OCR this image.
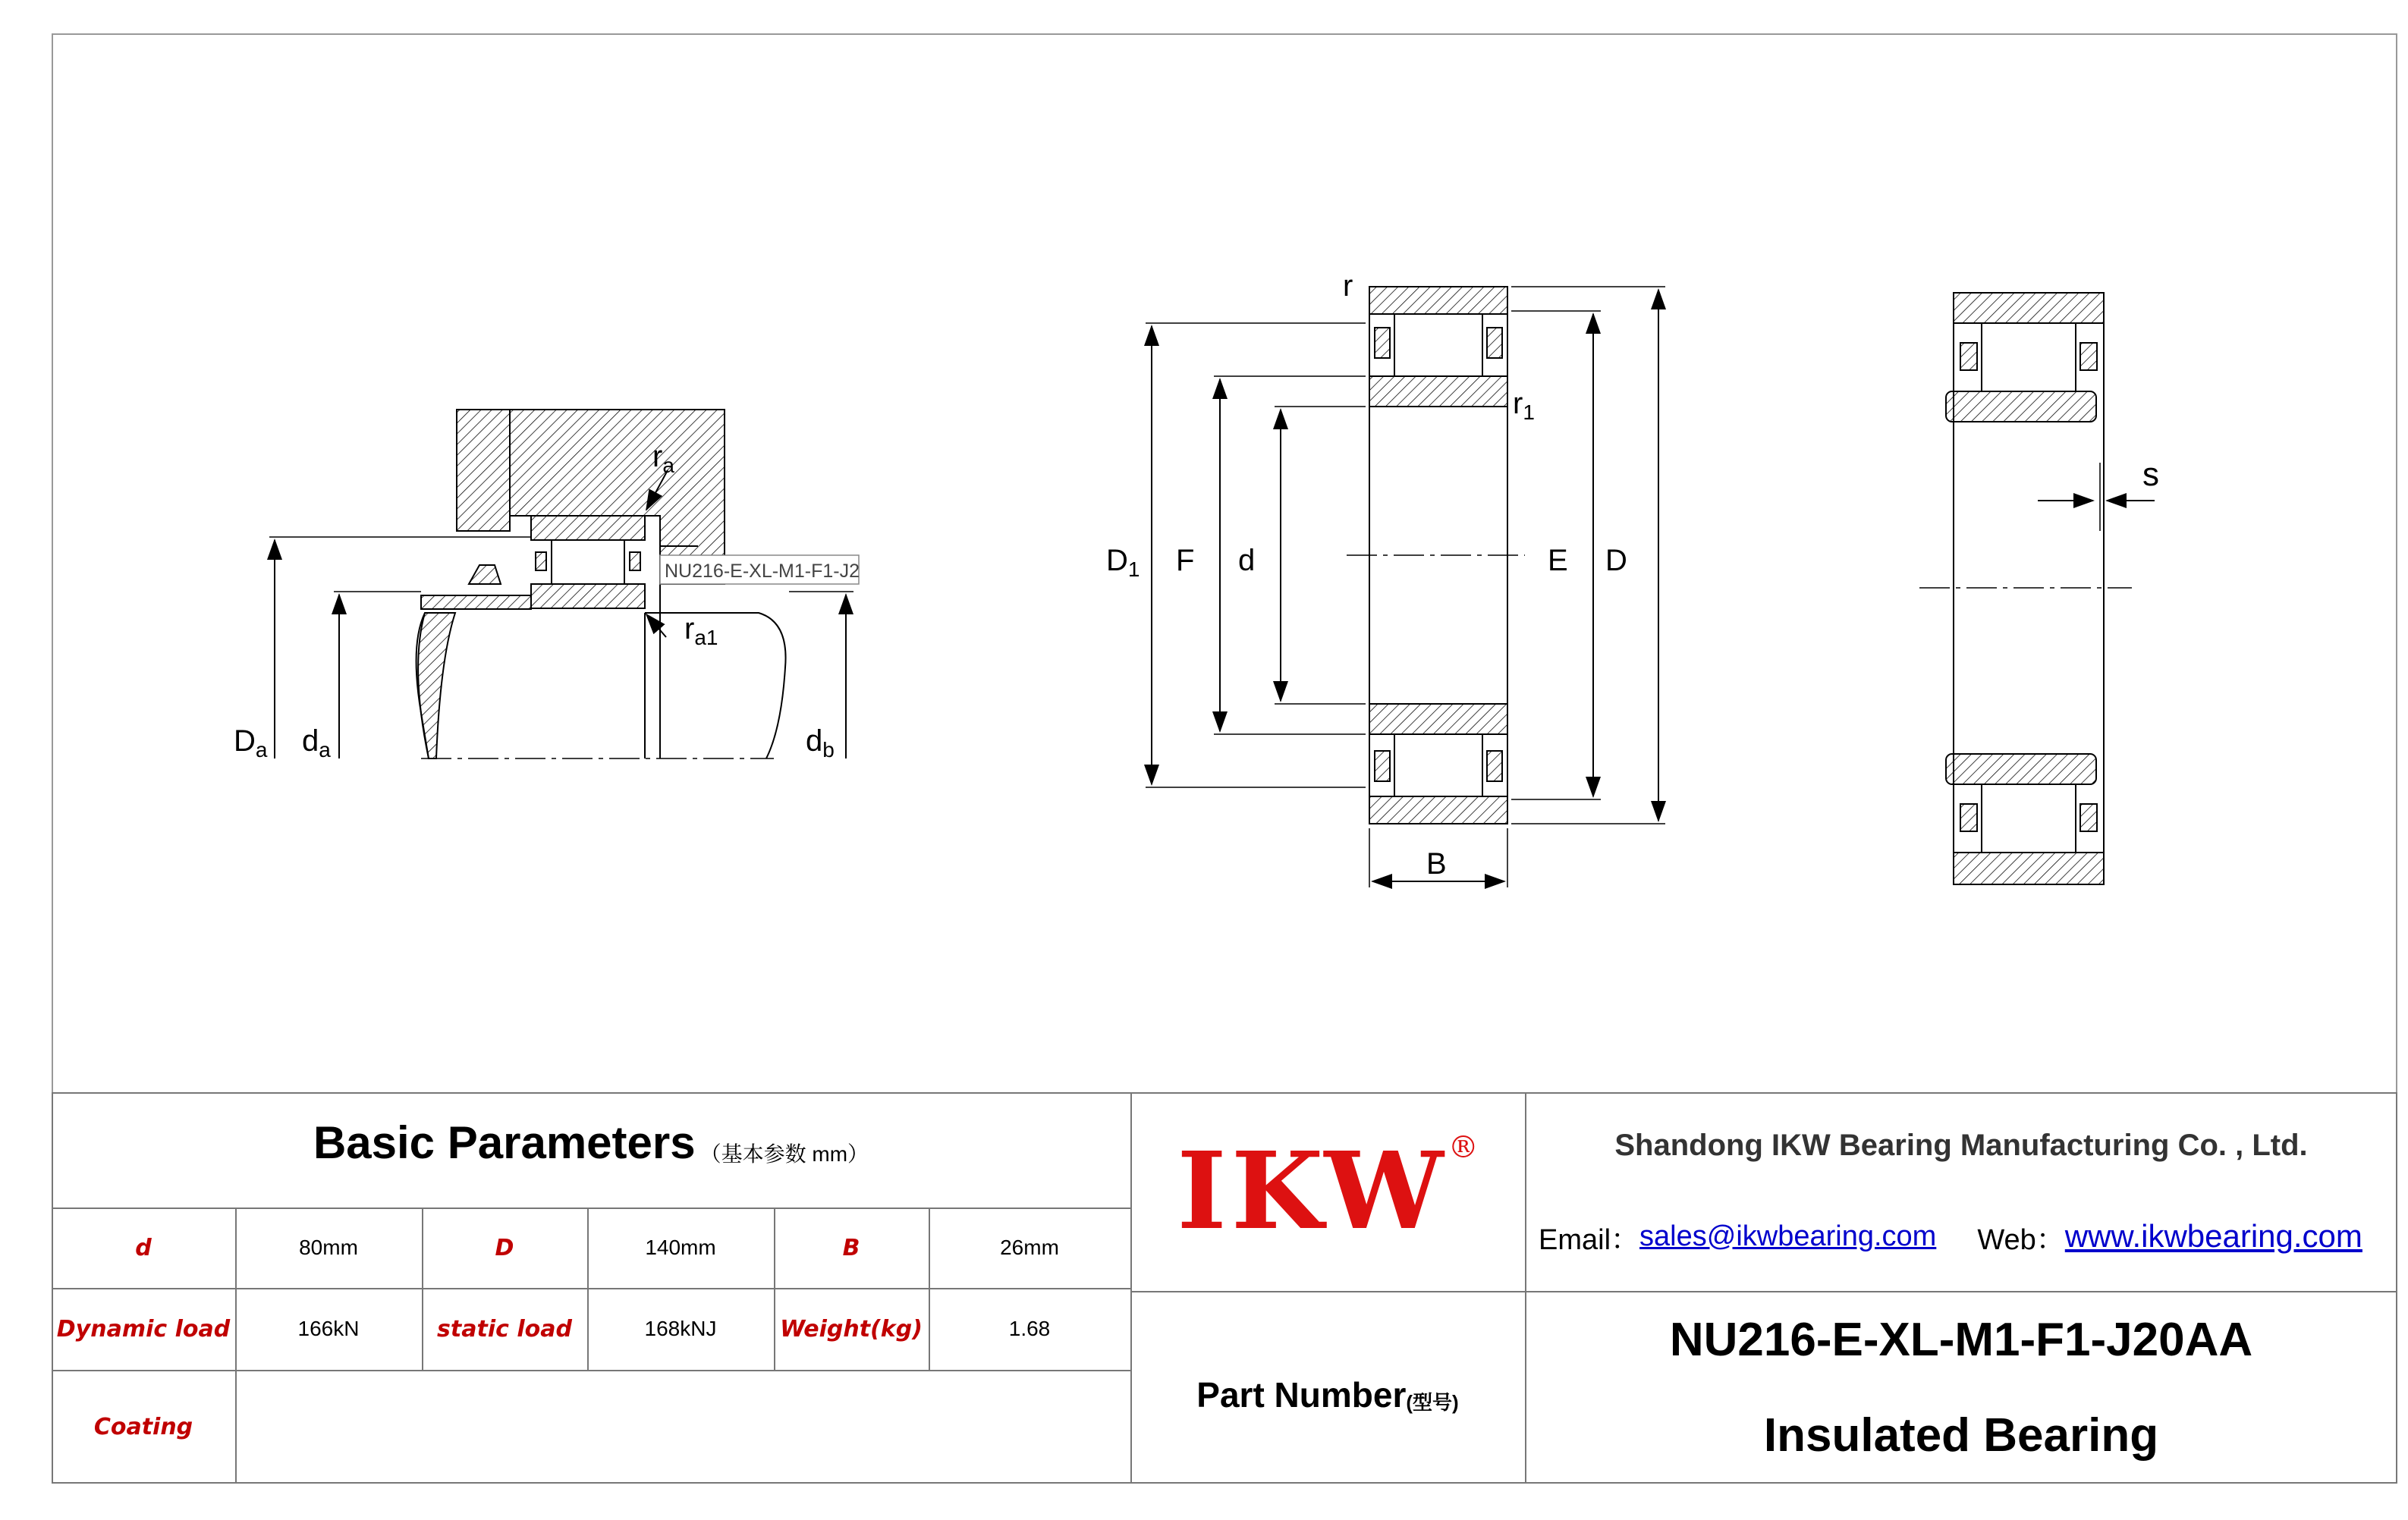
$D_a$ $d_a$	$d_b$
$r_a$
$r_{a1}$
NU216-E-XL-M1-F1-J2
r
$r_1$
$D_1$ F d	E D
B
s
Basic Parameters （基本参数 mm）
d	80mm	D	140mm	B	26mm
Dynamic load	166kN	static load	168kNJ	Weight(kg)	1.68
Coating
IKW ®
Part Number (型号)
Shandong IKW Bearing Manufacturing Co. , Ltd.
Email： sales@ikwbearing.com Web： www.ikwbearing.com
NU216-E-XL-M1-F1-J20AA
Insulated Bearing
